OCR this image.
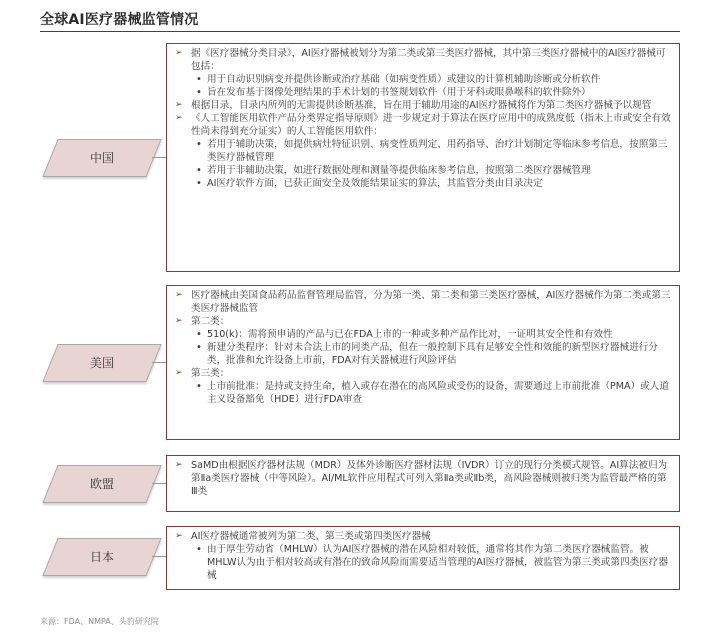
全球AI医疗器械监管情况
中国
➢ 据《医疗器械分类目录》，AI医疗器械被划分为第二类或第三类医疗器械，其中第三类医疗器械中的AI医疗器械可包括：
• 用于自动识别病变并提供诊断或治疗基础（如病变性质）或建议的计算机辅助诊断或分析软件
• 旨在发布基于图像处理结果的手术计划的书签规划软件（用于牙科或眼鼻喉科的软件除外）
➢ 根据目录，目录内所列的无需提供诊断基准，旨在用于辅助用途的AI医疗器械将作为第二类医疗器械予以规管
➢ 《人工智能医用软件产品分类界定指导原则》进一步规定对于算法在医疗应用中的成熟度低（指未上市或安全有效性尚未得到充分证实）的人工智能医用软件：
• 若用于辅助决策，如提供病灶特征识别、病变性质判定、用药指导、治疗计划制定等临床参考信息，按照第三类医疗器械管理
• 若用于非辅助决策，如进行数据处理和测量等提供临床参考信息，按照第二类医疗器械管理
• AI医疗软件方面，已获正面安全及效能结果证实的算法，其监管分类由目录决定
美国
➢ 医疗器械由美国食品药品监督管理局监管，分为第一类、第二类和第三类医疗器械，AI医疗器械作为第二类或第三类医疗器械监管
➢ 第二类：
• 510(k)：需将预申请的产品与已在FDA上市的一种或多种产品作比对，一证明其安全性和有效性
• 新建分类程序：针对未合法上市的同类产品，但在一般控制下具有足够安全性和效能的新型医疗器械进行分类，批准和允许设备上市前，FDA对有关器械进行风险评估
➢ 第三类：
• 上市前批准：是持或支持生命，植入或存在潜在的高风险或受伤的设备，需要通过上市前批准（PMA）或人道主义设备豁免（HDE）进行FDA审查
欧盟
➢ SaMD由根据医疗器材法规（MDR）及体外诊断医疗器材法规（IVDR）订立的现行分类模式规管。AI算法被归为第Ⅱa类医疗器械（中等风险）。AI/ML软件应用程式可列入第Ⅱa类或Ⅱb类，高风险器械则被归类为监管最严格的第Ⅲ类
日本
➢ AI医疗器械通常被列为第二类、第三类或第四类医疗器械
• 由于厚生劳动省（MHLW）认为AI医疗器械的潜在风险相对较低，通常将其作为第二类医疗器械监管。被MHLW认为由于相对较高或有潜在的致命风险而需要适当管理的AI医疗器械，被监管为第三类或第四类医疗器械
来源：FDA、NMPA、头豹研究院
